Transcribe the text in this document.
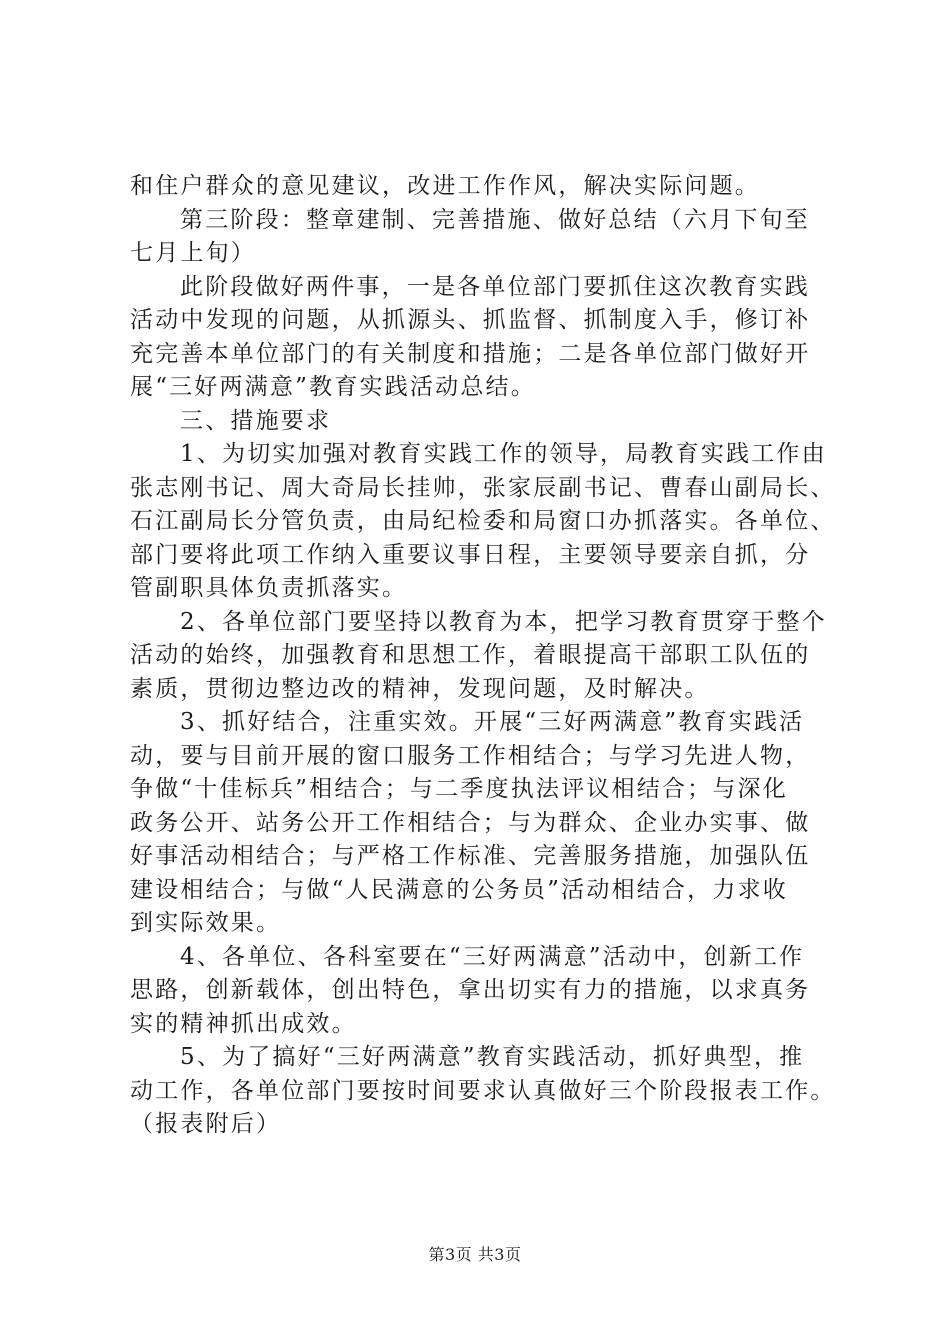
和住户群众的意见建议，改进工作作风，解决实际问题。
第三阶段：整章建制、完善措施、做好总结（六月下旬至
七月上旬）
此阶段做好两件事，一是各单位部门要抓住这次教育实践
活动中发现的问题，从抓源头、抓监督、抓制度入手，修订补
充完善本单位部门的有关制度和措施；二是各单位部门做好开
展“三好两满意”教育实践活动总结。
三、措施要求
1、为切实加强对教育实践工作的领导，局教育实践工作由
张志刚书记、周大奇局长挂帅，张家辰副书记、曹春山副局长、
石江副局长分管负责，由局纪检委和局窗口办抓落实。各单位、
部门要将此项工作纳入重要议事日程，主要领导要亲自抓，分
管副职具体负责抓落实。
2、各单位部门要坚持以教育为本，把学习教育贯穿于整个
活动的始终，加强教育和思想工作，着眼提高干部职工队伍的
素质，贯彻边整边改的精神，发现问题，及时解决。
3、抓好结合，注重实效。开展“三好两满意”教育实践活
动，要与目前开展的窗口服务工作相结合；与学习先进人物，
争做“十佳标兵”相结合；与二季度执法评议相结合；与深化
政务公开、站务公开工作相结合；与为群众、企业办实事、做
好事活动相结合；与严格工作标准、完善服务措施，加强队伍
建设相结合；与做“人民满意的公务员”活动相结合，力求收
到实际效果。
4、各单位、各科室要在“三好两满意”活动中，创新工作
思路，创新载体，创出特色，拿出切实有力的措施，以求真务
实的精神抓出成效。
5、为了搞好“三好两满意”教育实践活动，抓好典型，推
动工作，各单位部门要按时间要求认真做好三个阶段报表工作。
（报表附后）
第3页 共3页
